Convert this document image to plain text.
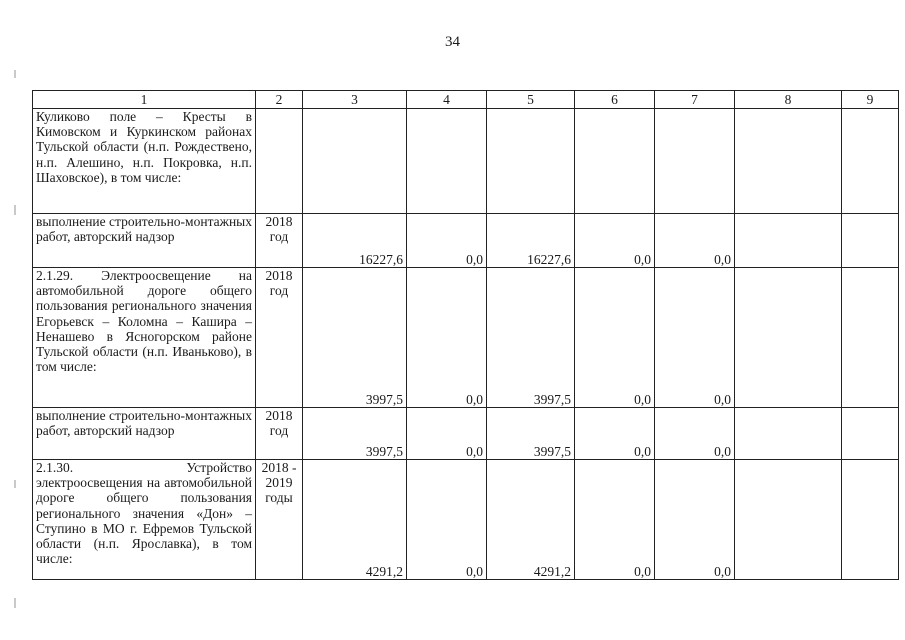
34
1	2	3	4	5	6	7	8	9
Куликово поле – Кресты в Кимовском и Куркинском районах Тульской области (н.п. Рождествено, н.п. Алешино, н.п. Покровка, н.п. Шаховское), в том числе:								
выполнение строительно-монтажных работ, авторский надзор	2018 год	16227,6	0,0	16227,6	0,0	0,0		
2.1.29. Электроосвещение на автомобильной дороге общего пользования регионального значения Егорьевск – Коломна – Кашира – Ненашево в Ясногорском районе Тульской области (н.п. Иваньково), в том числе:	2018 год	3997,5	0,0	3997,5	0,0	0,0		
выполнение строительно-монтажных работ, авторский надзор	2018 год	3997,5	0,0	3997,5	0,0	0,0		
2.1.30. Устройство электроосвещения на автомобильной дороге общего пользования регионального значения «Дон» – Ступино в МО г. Ефремов Тульской области (н.п. Ярославка), в том числе:	2018 - 2019 годы	4291,2	0,0	4291,2	0,0	0,0		
